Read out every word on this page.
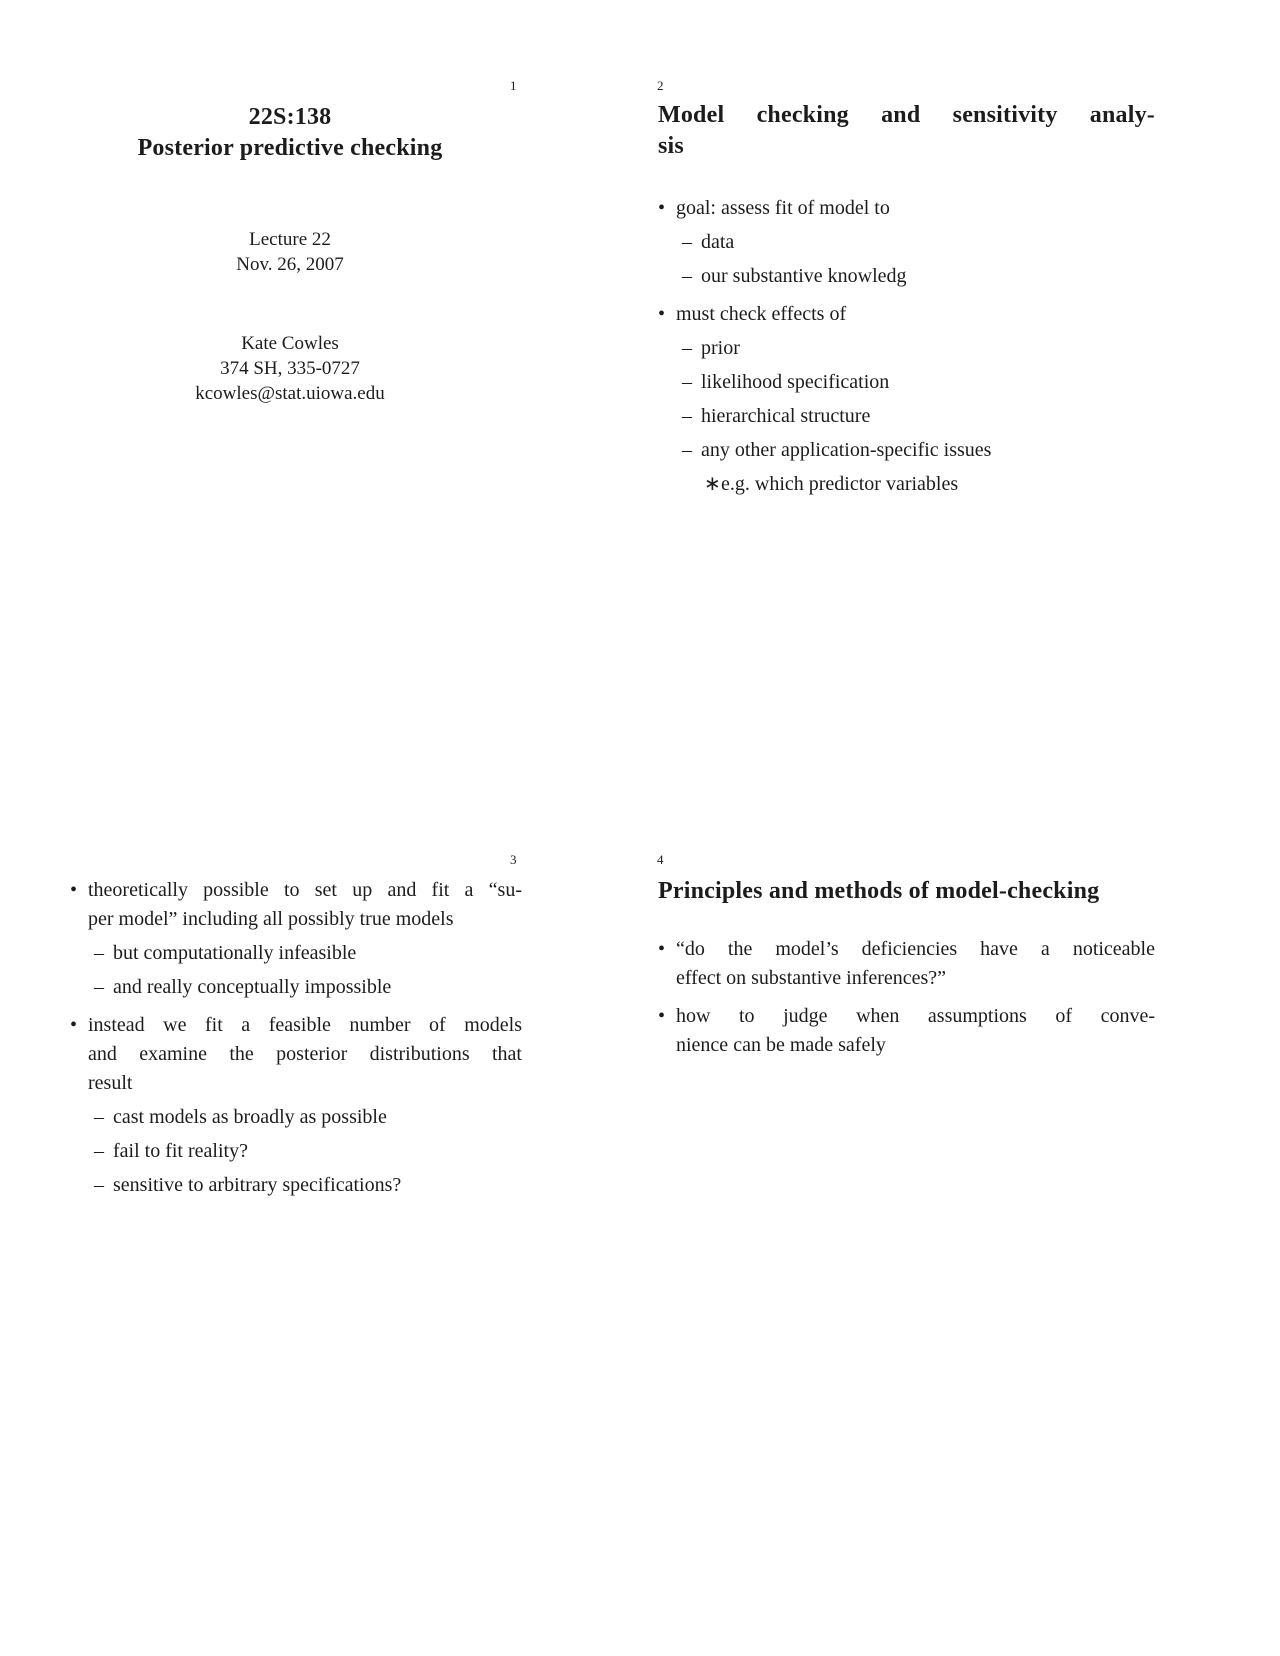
1	2
3	4
22S:138
Posterior predictive checking
Lecture 22
Nov. 26, 2007
Kate Cowles
374 SH, 335-0727
kcowles@stat.uiowa.edu
Model checking and sensitivity analy-
sis
• goal: assess fit of model to
– data
– our substantive knowledg
• must check effects of
– prior
– likelihood specification
– hierarchical structure
– any other application-specific issues
∗ e.g. which predictor variables
• theoretically possible to set up and fit a “su-
per model” including all possibly true models
– but computationally infeasible
– and really conceptually impossible
• instead we fit a feasible number of models
and examine the posterior distributions that
result
– cast models as broadly as possible
– fail to fit reality?
– sensitive to arbitrary specifications?
Principles and methods of model-checking
• “do the model’s deficiencies have a noticeable
effect on substantive inferences?”
• how to judge when assumptions of conve-
nience can be made safely
